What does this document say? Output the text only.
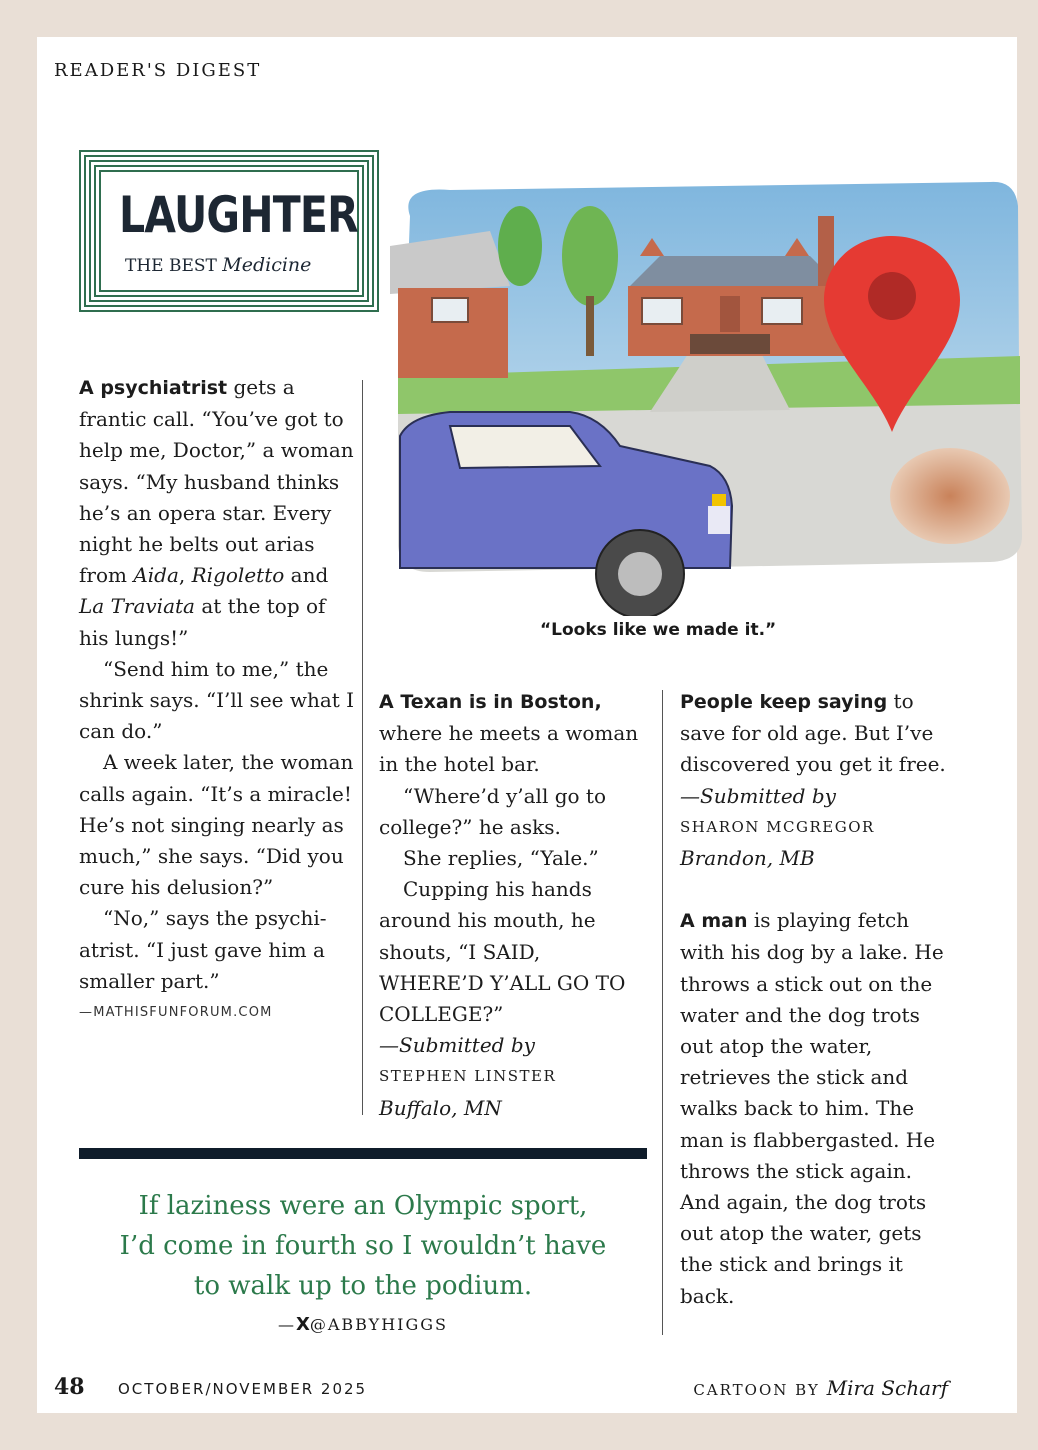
READER'S DIGEST
LAUGHTER
THE BEST Medicine
“Looks like we made it.”

A psychiatrist gets a frantic call. “You’ve got to help me, Doctor,” a woman says. “My husband thinks he’s an opera star. Every night he belts out arias from Aida, Rigoletto and La Traviata at the top of his lungs!”

“Send him to me,” the shrink says. “I’ll see what I can do.”

A week later, the woman calls again. “It’s a miracle! He’s not singing nearly as much,” she says. “Did you cure his delusion?”

“No,” says the psychiatrist. “I just gave him a smaller part.”

—MATHISFUNFORUM.COM

A Texan is in Boston, where he meets a woman in the hotel bar.

“Where’d y’all go to college?” he asks.

She replies, “Yale.”

Cupping his hands around his mouth, he shouts, “I SAID, WHERE’D Y’ALL GO TO COLLEGE?”

—Submitted by

STEPHEN LINSTER

Buffalo, MN

People keep saying to save for old age. But I’ve discovered you get it free.

—Submitted by

SHARON MCGREGOR

Brandon, MB

A man is playing fetch with his dog by a lake. He throws a stick out on the water and the dog trots out atop the water, retrieves the stick and walks back to him. The man is flabbergasted. He throws the stick again. And again, the dog trots out atop the water, gets the stick and brings it back.

If laziness were an Olympic sport,
I’d come in fourth so I wouldn’t have
to walk up to the podium.
—X@ABBYHIGGS
48 OCTOBER/NOVEMBER 2025	CARTOON BY Mira Scharf
